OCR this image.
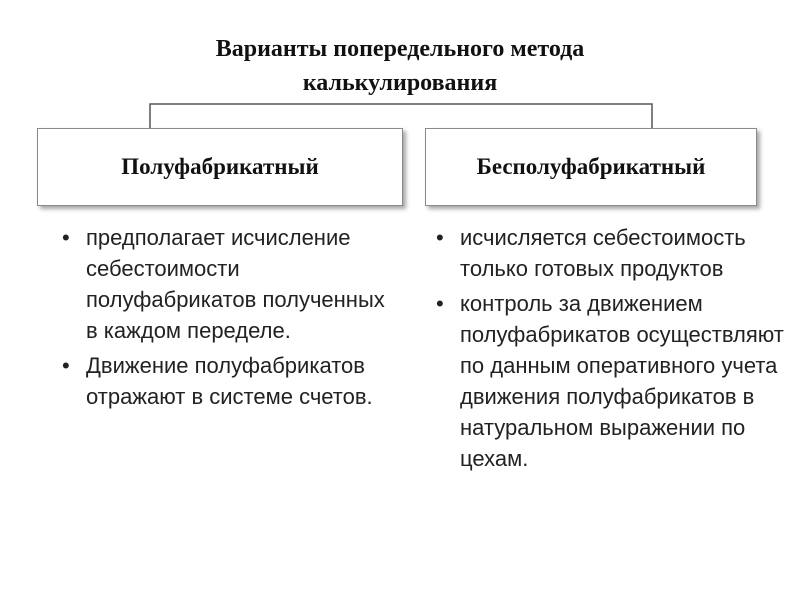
Варианты попередельного метода
калькулирования
Полуфабрикатный	Бесполуфабрикатный
• предполагает исчисление себестоимости полуфабрикатов полученных в каждом переделе.
• Движение полуфабрикатов отражают в системе счетов.
• исчисляется себестоимость только готовых продуктов
• контроль за движением полуфабрикатов осуществляют по данным оперативного учета движения полуфабрикатов в натуральном выражении по цехам.
